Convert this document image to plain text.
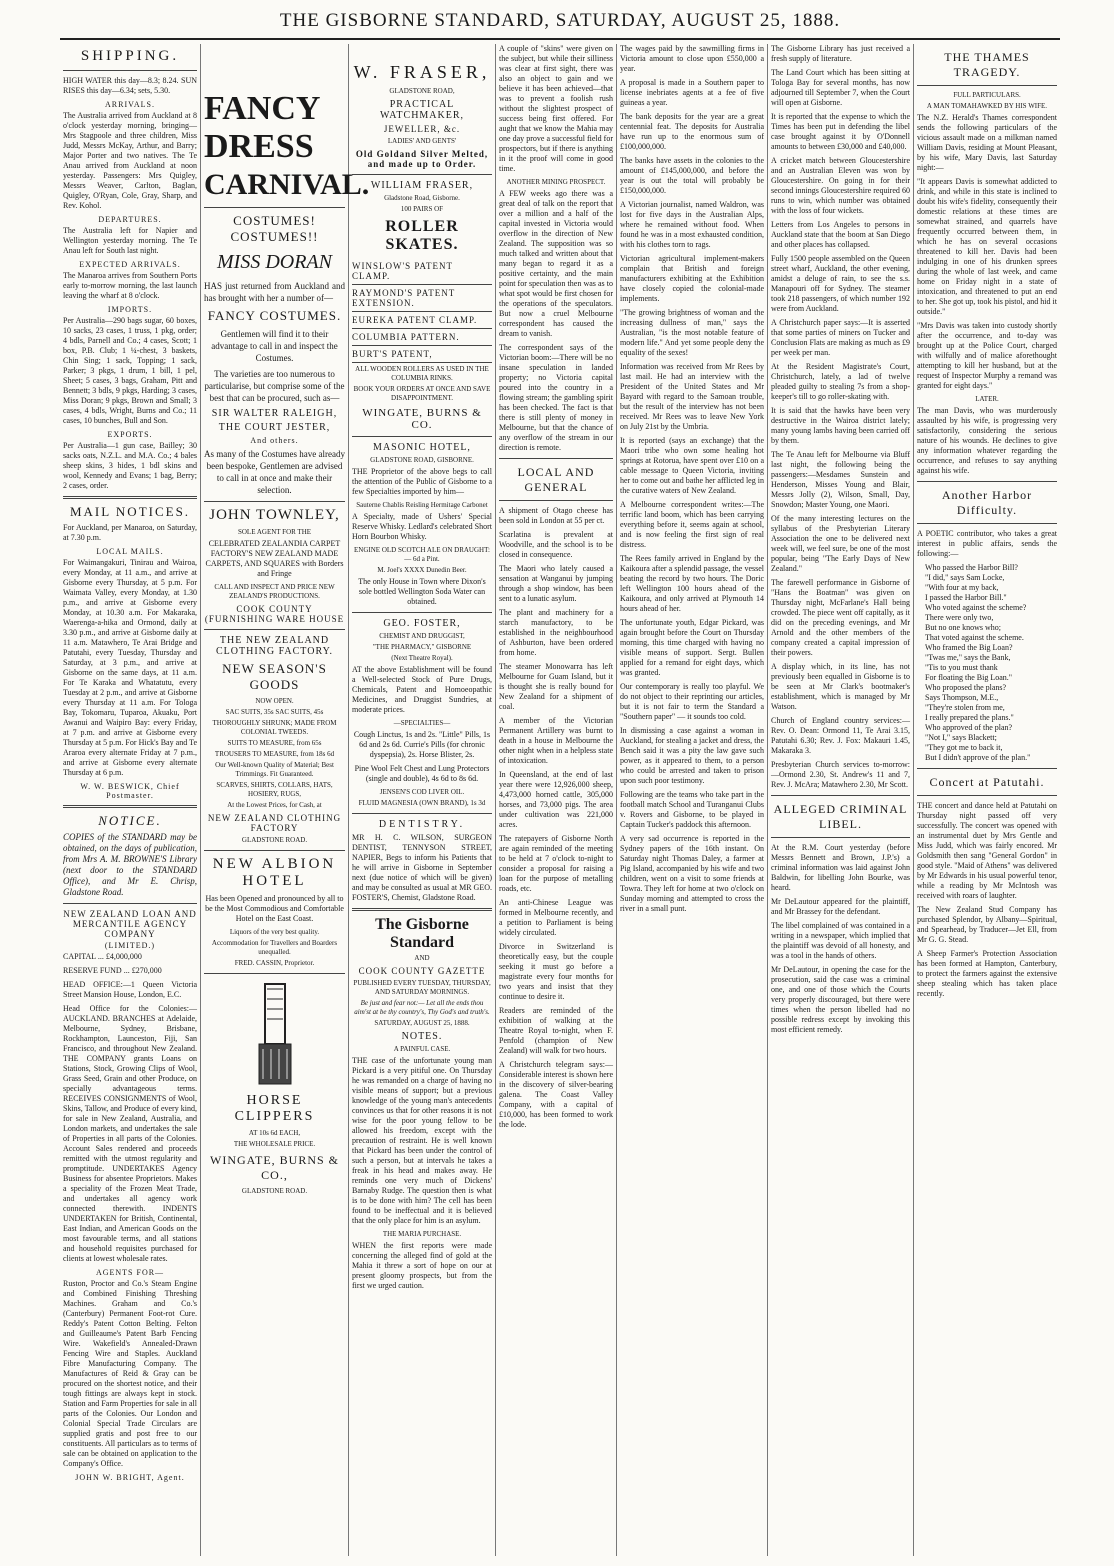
THE GISBORNE STANDARD, SATURDAY, AUGUST 25, 1888.
SHIPPING.

HIGH WATER this day—8.3; 8.24. SUN RISES this day—6.34; sets, 5.30.

ARRIVALS.

The Australia arrived from Auckland at 8 o'clock yesterday morning, bringing—Mrs Stagpoole and three children, Miss Judd, Messrs McKay, Arthur, and Barry; Major Porter and two natives. The Te Anau arrived from Auckland at noon yesterday. Passengers: Mrs Quigley, Messrs Weaver, Carlton, Baglan, Quigley, O'Ryan, Cole, Gray, Sharp, and Rev. Kohol.

DEPARTURES.

The Australia left for Napier and Wellington yesterday morning. The Te Anau left for South last night.

EXPECTED ARRIVALS.

The Manaroa arrives from Southern Ports early to-morrow morning, the last launch leaving the wharf at 8 o'clock.

IMPORTS.

Per Australia—290 bags sugar, 60 boxes, 10 sacks, 23 cases, 1 truss, 1 pkg, order; 4 bdls, Parnell and Co.; 4 cases, Scott; 1 box, P.B. Club; 1 ¼-chest, 3 baskets, Chin Sing; 1 sack, Topping; 1 sack, Parker; 3 pkgs, 1 drum, 1 bill, 1 pel, Sheet; 5 cases, 3 bags, Graham, Pitt and Bennett; 3 bdls, 9 pkgs, Harding; 3 cases, Miss Doran; 9 pkgs, Brown and Small; 3 cases, 4 bdls, Wright, Burns and Co.; 11 cases, 10 bunches, Bull and Son.

EXPORTS.

Per Australia—1 gun case, Bailley; 30 sacks oats, N.Z.L. and M.A. Co.; 4 bales sheep skins, 3 hides, 1 bdl skins and wool, Kennedy and Evans; 1 bag, Berry; 2 cases, order.

MAIL NOTICES.

For Auckland, per Manaroa, on Saturday, at 7.30 p.m.

LOCAL MAILS.

For Waimangakuri, Tinirau and Wairoa, every Monday, at 11 a.m., and arrive at Gisborne every Thursday, at 5 p.m. For Waimata Valley, every Monday, at 1.30 p.m., and arrive at Gisborne every Monday, at 10.30 a.m. For Makaraka, Waerenga-a-hika and Ormond, daily at 3.30 p.m., and arrive at Gisborne daily at 11 a.m. Matawhero, Te Arai Bridge and Patutahi, every Tuesday, Thursday and Saturday, at 3 p.m., and arrive at Gisborne on the same days, at 11 a.m. For Te Karaka and Whatatutu, every Tuesday at 2 p.m., and arrive at Gisborne every Thursday at 11 a.m. For Tologa Bay, Tokomaru, Tuparoa, Akuaku, Port Awanui and Waipiro Bay: every Friday, at 7 p.m. and arrive at Gisborne every Thursday at 5 p.m. For Hick's Bay and Te Araroa every alternate Friday at 7 p.m., and arrive at Gisborne every alternate Thursday at 6 p.m.

W. W. BESWICK, Chief Postmaster.
NOTICE.

COPIES of the STANDARD may be obtained, on the days of publication, from Mrs A. M. BROWNE'S Library (next door to the STANDARD Office), and Mr E. Chrisp, Gladstone Road.

NEW ZEALAND LOAN AND MERCANTILE AGENCY COMPANY
(LIMITED.)
CAPITAL ... £4,000,000
RESERVE FUND ... £270,000

HEAD OFFICE:—1 Queen Victoria Street Mansion House, London, E.C.

Head Office for the Colonies:—AUCKLAND. BRANCHES at Adelaide, Melbourne, Sydney, Brisbane, Rockhampton, Launceston, Fiji, San Francisco, and throughout New Zealand. THE COMPANY grants Loans on Stations, Stock, Growing Clips of Wool, Grass Seed, Grain and other Produce, on specially advantageous terms. RECEIVES CONSIGNMENTS of Wool, Skins, Tallow, and Produce of every kind, for sale in New Zealand, Australia, and London markets, and undertakes the sale of Properties in all parts of the Colonies. Account Sales rendered and proceeds remitted with the utmost regularity and promptitude. UNDERTAKES Agency Business for absentee Proprietors. Makes a speciality of the Frozen Meat Trade, and undertakes all agency work connected therewith. INDENTS UNDERTAKEN for British, Continental, East Indian, and American Goods on the most favourable terms, and all stations and household requisites purchased for clients at lowest wholesale rates.

AGENTS FOR—

Ruston, Proctor and Co.'s Steam Engine and Combined Finishing Threshing Machines. Graham and Co.'s (Canterbury) Permanent Foot-rot Cure. Reddy's Patent Cotton Belting. Felton and Guilleaume's Patent Barb Fencing Wire. Wakefield's Annealed-Drawn Fencing Wire and Staples. Auckland Fibre Manufacturing Company. The Manufactures of Reid & Gray can be procured on the shortest notice, and their tough fittings are always kept in stock. Station and Farm Properties for sale in all parts of the Colonies. Our London and Colonial Special Trade Circulars are supplied gratis and post free to our constituents. All particulars as to terms of sale can be obtained on application to the Company's Office.

JOHN W. BRIGHT, Agent.
FANCY
DRESS
CARNIVAL.
COSTUMES! COSTUMES!!
MISS DORAN

HAS just returned from Auckland and has brought with her a number of—

FANCY COSTUMES.

Gentlemen will find it to their advantage to call in and inspect the Costumes.

The varieties are too numerous to particularise, but comprise some of the best that can be procured, such as—

SIR WALTER RALEIGH,
THE COURT JESTER,
And others.

As many of the Costumes have already been bespoke, Gentlemen are advised to call in at once and make their selection.

JOHN TOWNLEY,
SOLE AGENT FOR THE

CELEBRATED ZEALANDIA CARPET FACTORY'S NEW ZEALAND MADE CARPETS, AND SQUARES with Borders and Fringe

CALL AND INSPECT AND PRICE NEW ZEALAND'S PRODUCTIONS.

COOK COUNTY (FURNISHING WARE HOUSE
THE NEW ZEALAND CLOTHING FACTORY.
NEW SEASON'S GOODS
NOW OPEN.
SAC SUITS, 35s SAC SUITS, 45s
THOROUGHLY SHRUNK; MADE FROM COLONIAL TWEEDS.
SUITS TO MEASURE, from 65s
TROUSERS TO MEASURE, from 18s 6d
Our Well-known Quality of Material; Best Trimmings. Fit Guaranteed.
SCARVES, SHIRTS, COLLARS, HATS, HOSIERY, RUGS,
At the Lowest Prices, for Cash, at
NEW ZEALAND CLOTHING FACTORY
GLADSTONE ROAD.
NEW ALBION HOTEL

Has been Opened and pronounced by all to be the Most Commodious and Comfortable Hotel on the East Coast.

Liquors of the very best quality.
Accommodation for Travellers and Boarders unequalled.
FRED. CASSIN, Proprietor.
HORSE CLIPPERS
AT 10s 6d EACH,
THE WHOLESALE PRICE.
WINGATE, BURNS & CO.,
GLADSTONE ROAD.
W. FRASER,
GLADSTONE ROAD,
PRACTICAL WATCHMAKER,
JEWELLER, &c.
LADIES' AND GENTS'
Old Goldand Silver Melted, and made up to Order.
WILLIAM FRASER,
Gladstone Road, Gisborne.
100 PAIRS OF
ROLLER SKATES.
WINSLOW'S PATENT CLAMP.
RAYMOND'S PATENT EXTENSION.
EUREKA PATENT CLAMP.
COLUMBIA PATTERN.
BURT'S PATENT,
ALL WOODEN ROLLERS AS USED IN THE COLUMBIA RINKS.
BOOK YOUR ORDERS AT ONCE AND SAVE DISAPPOINTMENT.
WINGATE, BURNS & CO.
MASONIC HOTEL,
GLADSTONE ROAD, GISBORNE.

THE Proprietor of the above begs to call the attention of the Public of Gisborne to a few Specialties imported by him—

Sauterne Chablis Reisling Hermitage Carbonet

A Specialty, made of Ushers' Special Reserve Whisky. Ledlard's celebrated Short Horn Bourbon Whisky.

ENGINE OLD SCOTCH ALE ON DRAUGHT:— 6d a Pint.
M. Joel's XXXX Dunedin Beer.

The only House in Town where Dixon's sole bottled Wellington Soda Water can obtained.

GEO. FOSTER,
CHEMIST AND DRUGGIST,
"THE PHARMACY," GISBORNE
(Next Theatre Royal).

AT the above Establishment will be found a Well-selected Stock of Pure Drugs, Chemicals, Patent and Homoeopathic Medicines, and Druggist Sundries, at moderate prices.

—SPECIALTIES—

Cough Linctus, 1s and 2s. "Little" Pills, 1s 6d and 2s 6d. Currie's Pills (for chronic dyspepsia), 2s. Horse Blister, 2s.

Pine Wool Felt Chest and Lung Protectors (single and double), 4s 6d to 8s 6d.

JENSEN'S COD LIVER OIL.
FLUID MAGNESIA (OWN BRAND), 1s 3d
DENTISTRY.

MR H. C. WILSON, SURGEON DENTIST, TENNYSON STREET, NAPIER, Begs to inform his Patients that he will arrive in Gisborne in September next (due notice of which will be given) and may be consulted as usual at MR GEO. FOSTER'S, Chemist, Gladstone Road.

The Gisborne Standard
AND
COOK COUNTY GAZETTE
PUBLISHED EVERY TUESDAY, THURSDAY, AND SATURDAY MORNINGS.

Be just and fear not:— Let all the ends thou aim'st at be thy country's, Thy God's and truth's.

SATURDAY, AUGUST 25, 1888.
NOTES.
A PAINFUL CASE.

THE case of the unfortunate young man Pickard is a very pitiful one. On Thursday he was remanded on a charge of having no visible means of support; but a previous knowledge of the young man's antecedents convinces us that for other reasons it is not wise for the poor young fellow to be allowed his freedom, except with the precaution of restraint. He is well known that Pickard has been under the control of such a person, but at intervals he takes a freak in his head and makes away. He reminds one very much of Dickens' Barnaby Rudge. The question then is what is to be done with him? The cell has been found to be ineffectual and it is believed that the only place for him is an asylum.

THE MARIA PURCHASE.

WHEN the first reports were made concerning the alleged find of gold at the Mahia it threw a sort of hope on our at present gloomy prospects, but from the first we urged caution.

A couple of "skins" were given on the subject, but while their silliness was clear at first sight, there was also an object to gain and we believe it has been achieved—that was to prevent a foolish rush without the slightest prospect of success being first offered. For aught that we know the Mahia may one day prove a successful field for prospectors, but if there is anything in it the proof will come in good time.

ANOTHER MINING PROSPECT.

A FEW weeks ago there was a great deal of talk on the report that over a million and a half of the capital invested in Victoria would overflow in the direction of New Zealand. The supposition was so much talked and written about that many began to regard it as a positive certainty, and the main point for speculation then was as to what spot would be first chosen for the operations of the speculators. But now a cruel Melbourne correspondent has caused the dream to vanish.

The correspondent says of the Victorian boom:—There will be no insane speculation in landed property; no Victoria capital poured into the country in a flowing stream; the gambling spirit has been checked. The fact is that there is still plenty of money in Melbourne, but that the chance of any overflow of the stream in our direction is remote.

LOCAL AND GENERAL

A shipment of Otago cheese has been sold in London at 55 per ct.

Scarlatina is prevalent at Woodville, and the school is to be closed in consequence.

The Maori who lately caused a sensation at Wanganui by jumping through a shop window, has been sent to a lunatic asylum.

The plant and machinery for a starch manufactory, to be established in the neighbourhood of Ashburton, have been ordered from home.

The steamer Monowarra has left Melbourne for Guam Island, but it is thought she is really bound for New Zealand for a shipment of coal.

A member of the Victorian Permanent Artillery was burnt to death in a house in Melbourne the other night when in a helpless state of intoxication.

In Queensland, at the end of last year there were 12,926,000 sheep, 4,473,000 horned cattle, 305,000 horses, and 73,000 pigs. The area under cultivation was 221,000 acres.

The ratepayers of Gisborne North are again reminded of the meeting to be held at 7 o'clock to-night to consider a proposal for raising a loan for the purpose of metalling roads, etc.

An anti-Chinese League was formed in Melbourne recently, and a petition to Parliament is being widely circulated.

Divorce in Switzerland is theoretically easy, but the couple seeking it must go before a magistrate every four months for two years and insist that they continue to desire it.

Readers are reminded of the exhibition of walking at the Theatre Royal to-night, when F. Penfold (champion of New Zealand) will walk for two hours.

A Christchurch telegram says:—Considerable interest is shown here in the discovery of silver-bearing galena. The Coast Valley Company, with a capital of £10,000, has been formed to work the lode.

The wages paid by the sawmilling firms in Victoria amount to close upon £550,000 a year.

A proposal is made in a Southern paper to license inebriates agents at a fee of five guineas a year.

The bank deposits for the year are a great centennial feat. The deposits for Australia have run up to the enormous sum of £100,000,000.

The banks have assets in the colonies to the amount of £145,000,000, and before the year is out the total will probably be £150,000,000.

A Victorian journalist, named Waldron, was lost for five days in the Australian Alps, where he remained without food. When found he was in a most exhausted condition, with his clothes torn to rags.

Victorian agricultural implement-makers complain that British and foreign manufacturers exhibiting at the Exhibition have closely copied the colonial-made implements.

"The growing brightness of woman and the increasing dullness of man," says the Australian, "is the most notable feature of modern life." And yet some people deny the equality of the sexes!

Information was received from Mr Rees by last mail. He had an interview with the President of the United States and Mr Bayard with regard to the Samoan trouble, but the result of the interview has not been received. Mr Rees was to leave New York on July 21st by the Umbria.

It is reported (says an exchange) that the Maori tribe who own some healing hot springs at Rotorua, have spent over £10 on a cable message to Queen Victoria, inviting her to come out and bathe her afflicted leg in the curative waters of New Zealand.

A Melbourne correspondent writes:—The terrific land boom, which has been carrying everything before it, seems again at school, and is now feeling the first sign of real distress.

The Rees family arrived in England by the Kaikoura after a splendid passage, the vessel beating the record by two hours. The Doric left Wellington 100 hours ahead of the Kaikoura, and only arrived at Plymouth 14 hours ahead of her.

The unfortunate youth, Edgar Pickard, was again brought before the Court on Thursday morning, this time charged with having no visible means of support. Sergt. Bullen applied for a remand for eight days, which was granted.

Our contemporary is really too playful. We do not object to their reprinting our articles, but it is not fair to term the Standard a "Southern paper" — it sounds too cold.

In dismissing a case against a woman in Auckland, for stealing a jacket and dress, the Bench said it was a pity the law gave such power, as it appeared to them, to a person who could be arrested and taken to prison upon such poor testimony.

Following are the teams who take part in the football match School and Turanganui Clubs v. Rovers and Gisborne, to be played in Captain Tucker's paddock this afternoon.

A very sad occurrence is reported in the Sydney papers of the 16th instant. On Saturday night Thomas Daley, a farmer at Pig Island, accompanied by his wife and two children, went on a visit to some friends at Towra. They left for home at two o'clock on Sunday morning and attempted to cross the river in a small punt.

The Gisborne Library has just received a fresh supply of literature.

The Land Court which has been sitting at Tologa Bay for several months, has now adjourned till September 7, when the Court will open at Gisborne.

It is reported that the expense to which the Times has been put in defending the libel case brought against it by O'Donnell amounts to between £30,000 and £40,000.

A cricket match between Gloucestershire and an Australian Eleven was won by Gloucestershire. On going in for their second innings Gloucestershire required 60 runs to win, which number was obtained with the loss of four wickets.

Letters from Los Angeles to persons in Auckland state that the boom at San Diego and other places has collapsed.

Fully 1500 people assembled on the Queen street wharf, Auckland, the other evening, amidst a deluge of rain, to see the s.s. Manapouri off for Sydney. The steamer took 218 passengers, of which number 192 were from Auckland.

A Christchurch paper says:—It is asserted that some parties of miners on Tucker and Conclusion Flats are making as much as £9 per week per man.

At the Resident Magistrate's Court, Christchurch, lately, a lad of twelve pleaded guilty to stealing 7s from a shop-keeper's till to go roller-skating with.

It is said that the hawks have been very destructive in the Wairoa district lately; many young lambs having been carried off by them.

The Te Anau left for Melbourne via Bluff last night, the following being the passengers:—Mesdames Sunstein and Henderson, Misses Young and Blair, Messrs Jolly (2), Wilson, Small, Day, Snowdon; Master Young, one Maori.

Of the many interesting lectures on the syllabus of the Presbyterian Literary Association the one to be delivered next week will, we feel sure, be one of the most popular, being "The Early Days of New Zealand."

The farewell performance in Gisborne of "Hans the Boatman" was given on Thursday night, McFarlane's Hall being crowded. The piece went off capitally, as it did on the preceding evenings, and Mr Arnold and the other members of the company created a capital impression of their powers.

A display which, in its line, has not previously been equalled in Gisborne is to be seen at Mr Clark's bootmaker's establishment, which is managed by Mr Watson.

Church of England country services:—Rev. O. Dean: Ormond 11, Te Arai 3.15, Patutahi 6.30; Rev. J. Fox: Makauri 1.45, Makaraka 3.

Presbyterian Church services to-morrow:—Ormond 2.30, St. Andrew's 11 and 7, Rev. J. McAra; Matawhero 2.30, Mr Scott.

ALLEGED CRIMINAL LIBEL.

At the R.M. Court yesterday (before Messrs Bennett and Brown, J.P.'s) a criminal information was laid against John Baldwin, for libelling John Bourke, was heard.

Mr DeLautour appeared for the plaintiff, and Mr Brassey for the defendant.

The libel complained of was contained in a writing in a newspaper, which implied that the plaintiff was devoid of all honesty, and was a tool in the hands of others.

Mr DeLautour, in opening the case for the prosecution, said the case was a criminal one, and one of those which the Courts very properly discouraged, but there were times when the person libelled had no possible redress except by invoking this most efficient remedy.

THE THAMES TRAGEDY.
FULL PARTICULARS.
A MAN TOMAHAWKED BY HIS WIFE.

The N.Z. Herald's Thames correspondent sends the following particulars of the vicious assault made on a milkman named William Davis, residing at Mount Pleasant, by his wife, Mary Davis, last Saturday night:—

"It appears Davis is somewhat addicted to drink, and while in this state is inclined to doubt his wife's fidelity, consequently their domestic relations at these times are somewhat strained, and quarrels have frequently occurred between them, in which he has on several occasions threatened to kill her. Davis had been indulging in one of his drunken sprees during the whole of last week, and came home on Friday night in a state of intoxication, and threatened to put an end to her. She got up, took his pistol, and hid it outside."

"Mrs Davis was taken into custody shortly after the occurrence, and to-day was brought up at the Police Court, charged with wilfully and of malice aforethought attempting to kill her husband, but at the request of Inspector Murphy a remand was granted for eight days."

LATER.

The man Davis, who was murderously assaulted by his wife, is progressing very satisfactorily, considering the serious nature of his wounds. He declines to give any information whatever regarding the occurrence, and refuses to say anything against his wife.

Another Harbor Difficulty.

A POETIC contributor, who takes a great interest in public affairs, sends the following:—

Who passed the Harbor Bill?
"I did," says Sam Locke,
"With four at my back,
I passed the Harbor Bill."
Who voted against the scheme?
There were only two,
But no one knows who;
That voted against the scheme.
Who framed the Big Loan?
"Twas me," says the Bank,
"Tis to you must thank
For floating the Big Loan."
Who proposed the plans?
Says Thompson, M.E.,
"They're stolen from me,
I really prepared the plans."
Who approved of the plan?
"Not I," says Blackett;
"They got me to back it,
But I didn't approve of the plan."
Concert at Patutahi.

THE concert and dance held at Patutahi on Thursday night passed off very successfully. The concert was opened with an instrumental duet by Mrs Gentle and Miss Judd, which was fairly encored. Mr Goldsmith then sang "General Gordon" in good style. "Maid of Athens" was delivered by Mr Edwards in his usual powerful tenor, while a reading by Mr McIntosh was received with roars of laughter.

The New Zealand Stud Company has purchased Splendor, by Albany—Spiritual, and Spearhead, by Traducer—Jet Ell, from Mr G. G. Stead.

A Sheep Farmer's Protection Association has been formed at Hampton, Canterbury, to protect the farmers against the extensive sheep stealing which has taken place recently.
